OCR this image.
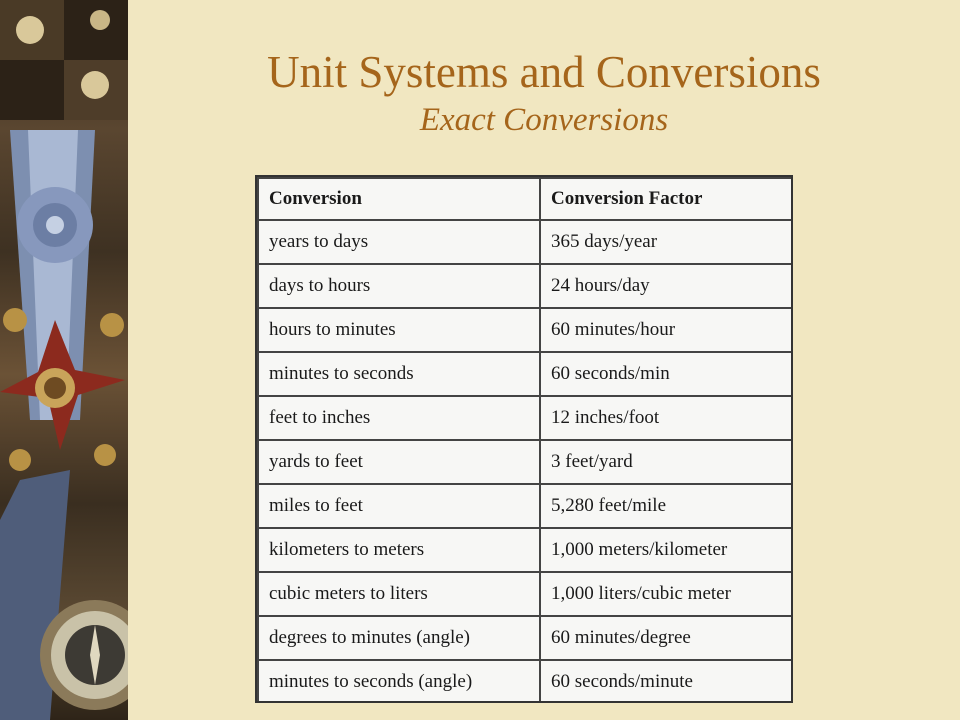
Unit Systems and Conversions
Exact Conversions
Conversion	Conversion Factor
years to days	365 days/year
days to hours	24 hours/day
hours to minutes	60 minutes/hour
minutes to seconds	60 seconds/min
feet to inches	12 inches/foot
yards to feet	3 feet/yard
miles to feet	5,280 feet/mile
kilometers to meters	1,000 meters/kilometer
cubic meters to liters	1,000 liters/cubic meter
degrees to minutes (angle)	60 minutes/degree
minutes to seconds (angle)	60 seconds/minute
